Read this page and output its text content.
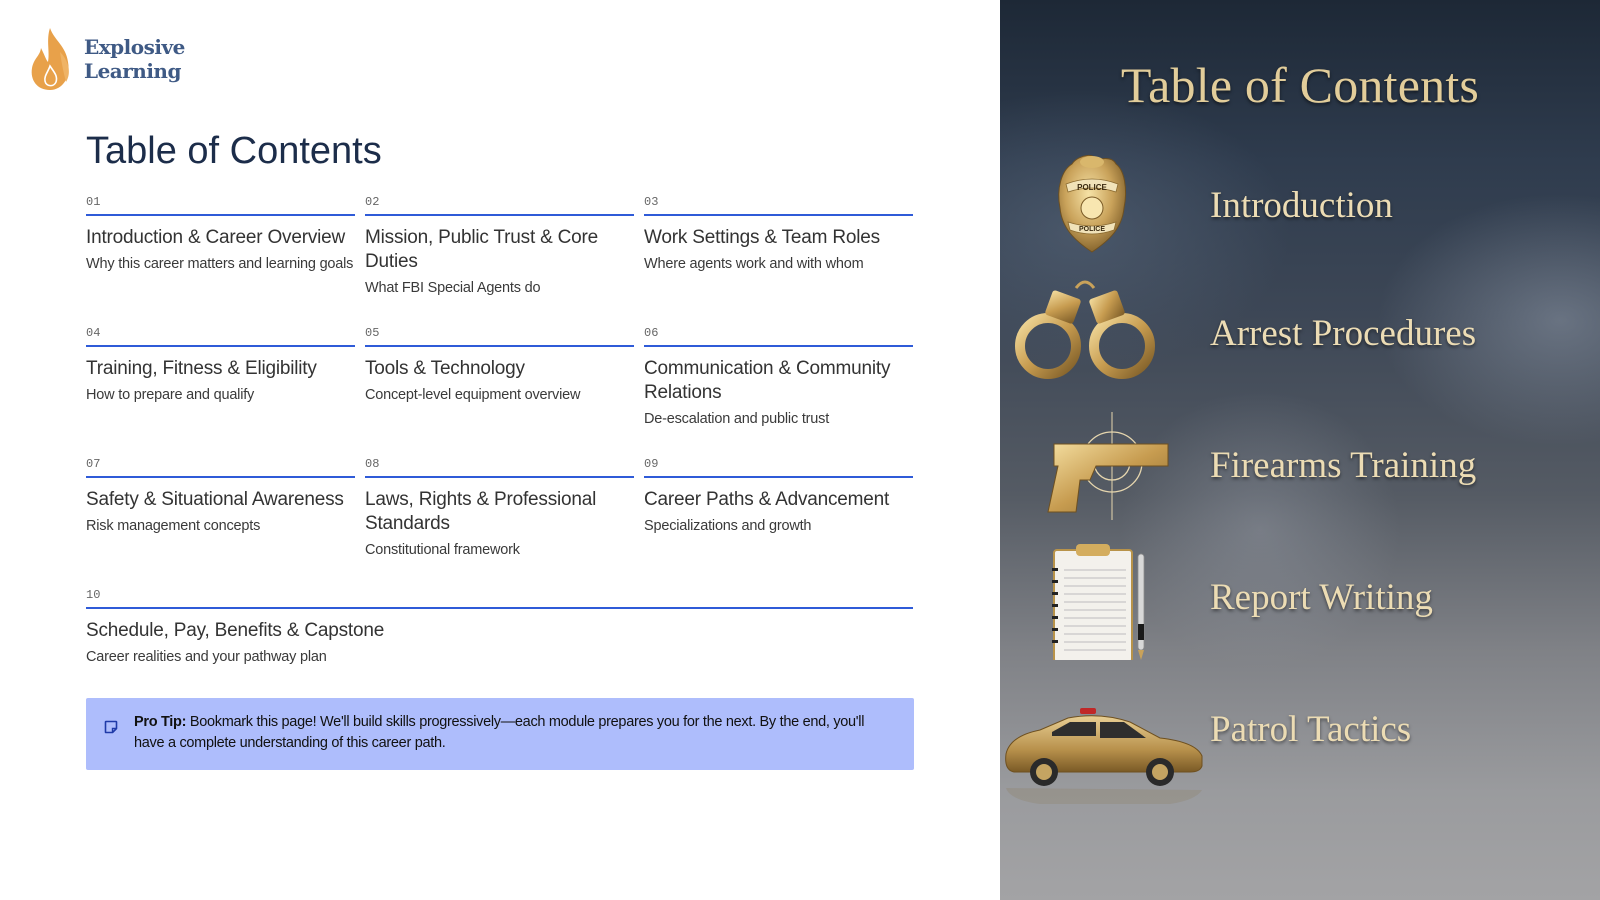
Explosive
Learning
Table of Contents
01
Introduction & Career Overview
Why this career matters and learning goals
02
Mission, Public Trust & Core Duties
What FBI Special Agents do
03
Work Settings & Team Roles
Where agents work and with whom
04
Training, Fitness & Eligibility
How to prepare and qualify
05
Tools & Technology
Concept-level equipment overview
06
Communication & Community Relations
De-escalation and public trust
07
Safety & Situational Awareness
Risk management concepts
08
Laws, Rights & Professional Standards
Constitutional framework
09
Career Paths & Advancement
Specializations and growth
10
Schedule, Pay, Benefits & Capstone
Career realities and your pathway plan
Pro Tip: Bookmark this page! We'll build skills progressively—each module prepares you for the next. By the end, you'll have a complete understanding of this career path.
Table of Contents
POLICE
POLICE
Introduction
Arrest Procedures
Firearms Training
Report Writing
Patrol Tactics
